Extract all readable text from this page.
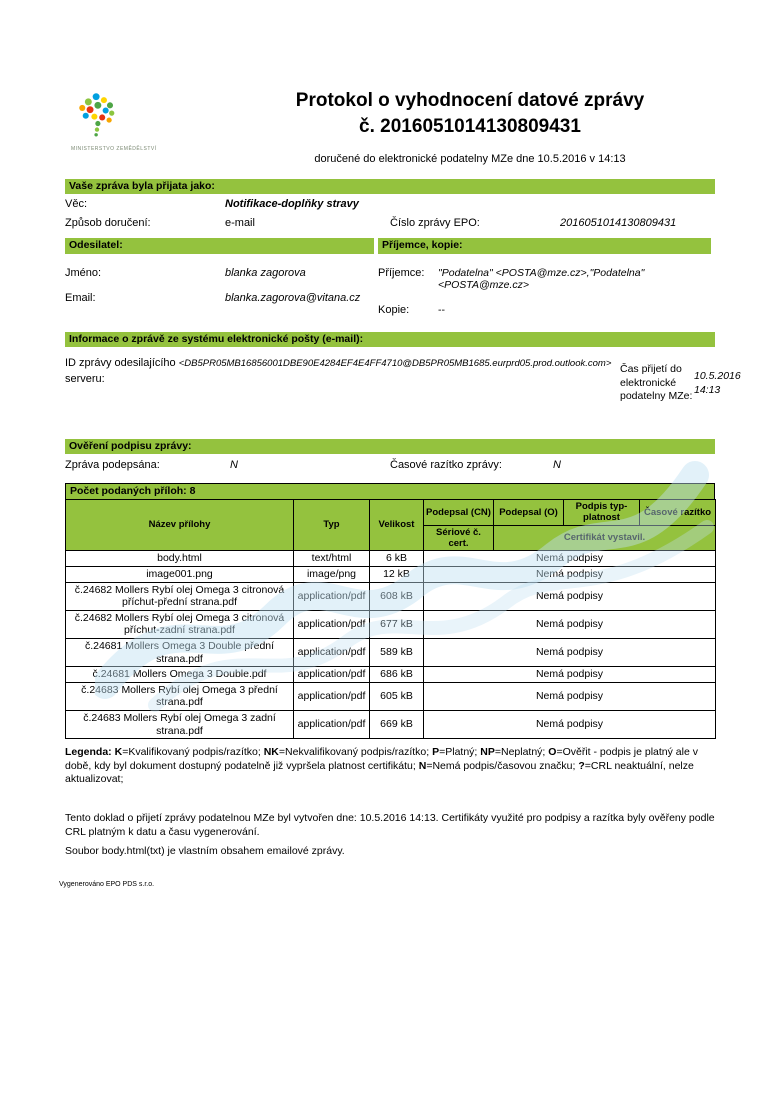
MINISTERSTVO ZEMĚDĚLSTVÍ
Protokol o vyhodnocení datové zprávy
č. 2016051014130809431
doručené do elektronické podatelny MZe dne 10.5.2016 v 14:13
Vaše zpráva byla přijata jako:
Věc:	Notifikace-doplňky stravy
Způsob doručení:	e-mail	Číslo zprávy EPO:	2016051014130809431
Odesilatel:	Příjemce, kopie:
Jméno:	blanka zagorova
Email:	blanka.zagorova@vitana.cz
Příjemce:	"Podatelna" <POSTA@mze.cz>,"Podatelna" <POSTA@mze.cz>
Kopie:	--
Informace o zprávě ze systému elektronické pošty (e-mail):
ID zprávy odesilajícího <DB5PR05MB16856001DBE90E4284EF4E4FF4710@DB5PR05MB1685.eurprd05.prod.outlook.com> serveru:
Čas přijetí do elektronické podatelny MZe:
10.5.2016 14:13
Ověření podpisu zprávy:
Zpráva podepsána:	N	Časové razítko zprávy:	N
Počet podaných příloh: 8
Název přílohy	Typ	Velikost	Podepsal (CN)	Podepsal (O)	Podpis typ-platnost	Časové razítko
			Sériové č. cert.	Certifikát vystavil.		
body.html	text/html	6 kB	Nemá podpisy			
image001.png	image/png	12 kB	Nemá podpisy			
č.24682 Mollers Rybí olej Omega 3 citronová příchut-přední strana.pdf	application/pdf	608 kB	Nemá podpisy			
č.24682 Mollers Rybí olej Omega 3 citronová příchut-zadní strana.pdf	application/pdf	677 kB	Nemá podpisy			
č.24681 Mollers Omega 3 Double přední strana.pdf	application/pdf	589 kB	Nemá podpisy			
č.24681 Mollers Omega 3 Double.pdf	application/pdf	686 kB	Nemá podpisy			
č.24683 Mollers Rybí olej Omega 3 přední strana.pdf	application/pdf	605 kB	Nemá podpisy			
č.24683 Mollers Rybí olej Omega 3 zadní strana.pdf	application/pdf	669 kB	Nemá podpisy			
Legenda: K=Kvalifikovaný podpis/razítko; NK=Nekvalifikovaný podpis/razítko; P=Platný; NP=Neplatný; O=Ověřit - podpis je platný ale v době, kdy byl dokument dostupný podatelně již vypršela platnost certifikátu; N=Nemá podpis/časovou značku; ?=CRL neaktuální, nelze aktualizovat;
Tento doklad o přijetí zprávy podatelnou MZe byl vytvořen dne: 10.5.2016 14:13. Certifikáty využité pro podpisy a razítka byly ověřeny podle CRL platným k datu a času vygenerování.
Soubor body.html(txt) je vlastním obsahem emailové zprávy.
Vygenerováno EPO PDS s.r.o.
